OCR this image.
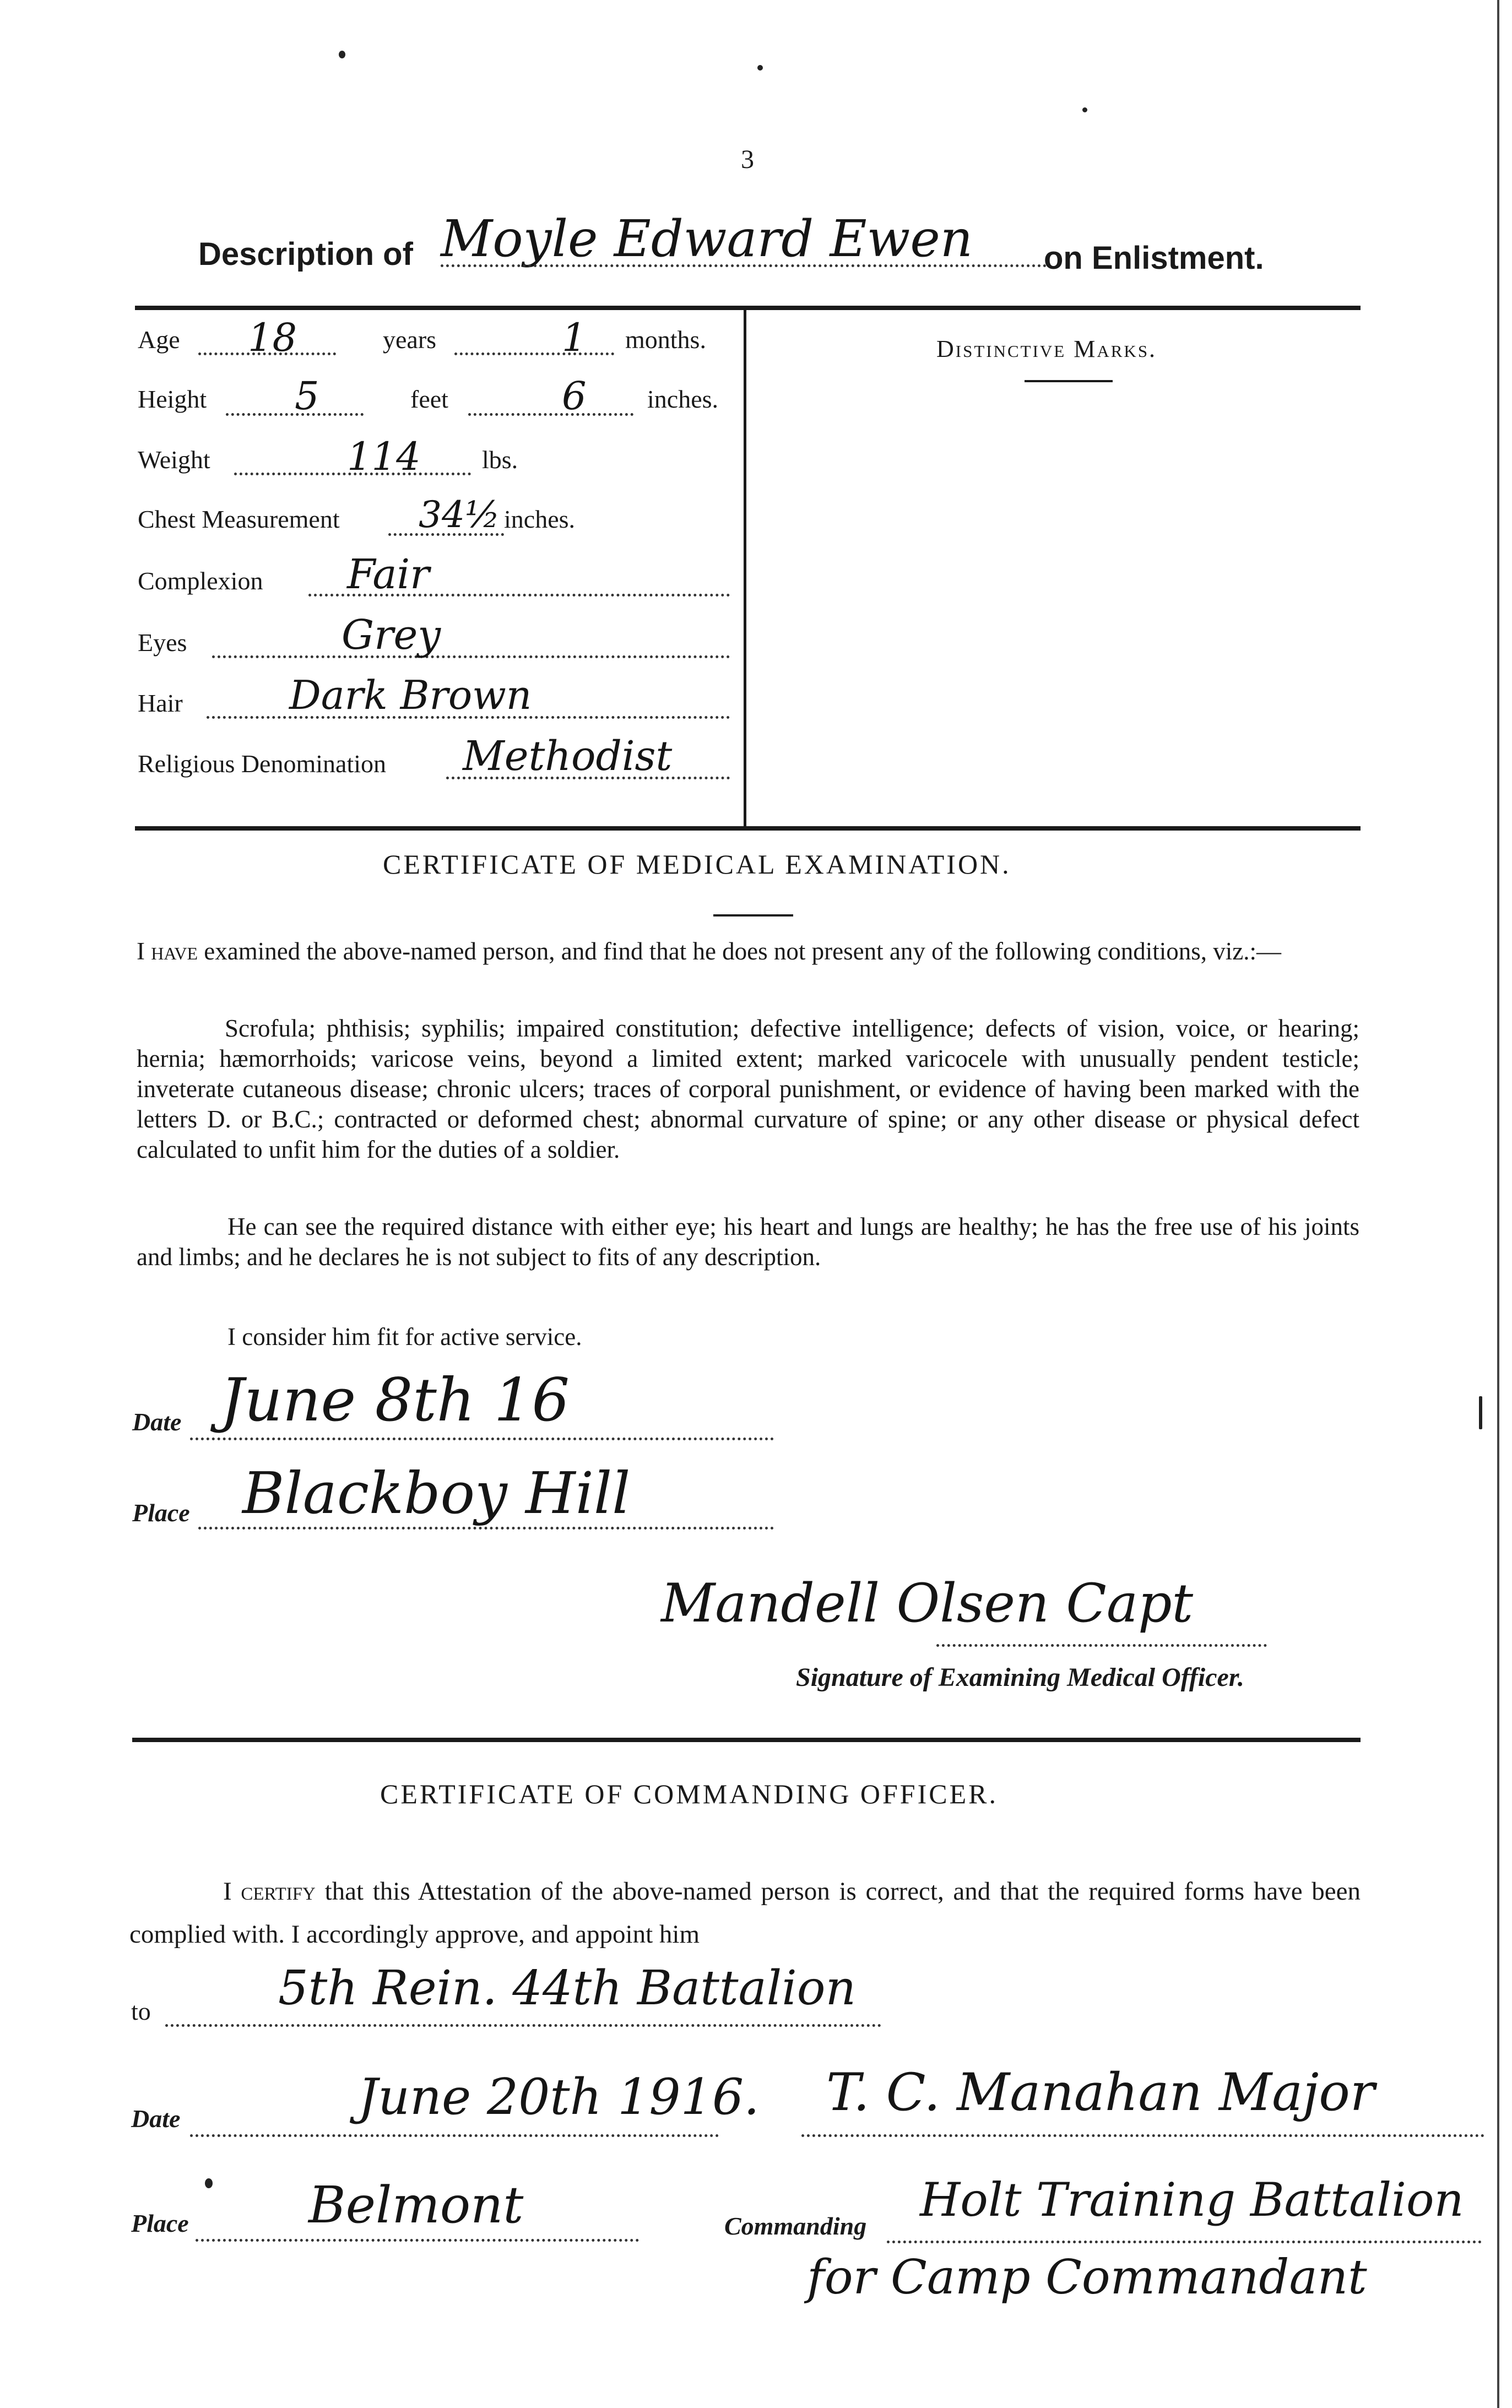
3
Description of Moyle Edward Ewen on Enlistment.
Age 18	years	1 months.
Height 5	feet	6 inches.
Weight	114 lbs.
Chest Measurement 34½ inches.
Complexion Fair
Eyes	Grey
Hair	Dark Brown
Religious Denomination Methodist
Distinctive Marks.
CERTIFICATE OF MEDICAL EXAMINATION.
I have examined the above-named person, and find that he does not present any of the following conditions, viz.:—
Scrofula; phthisis; syphilis; impaired constitution; defective intelligence; defects of vision, voice, or hearing; hernia; hæmorrhoids; varicose veins, beyond a limited extent; marked varicocele with unusually pendent testicle; inveterate cutaneous disease; chronic ulcers; traces of corporal punishment, or evidence of having been marked with the letters D. or B.C.; contracted or deformed chest; abnormal curvature of spine; or any other disease or physical defect calculated to unfit him for the duties of a soldier.
He can see the required distance with either eye; his heart and lungs are healthy; he has the free use of his joints and limbs; and he declares he is not subject to fits of any description.
I consider him fit for active service.
Date June 8th 16
Place Blackboy Hill
Mandell Olsen Capt
Signature of Examining Medical Officer.
CERTIFICATE OF COMMANDING OFFICER.
I certify that this Attestation of the above-named person is correct, and that the required forms have been complied with. I accordingly approve, and appoint him
to	5th Rein. 44th Battalion
Date	June 20th 1916. T. C. Manahan Major
Place Belmont	Commanding Holt Training Battalion
for Camp Commandant
